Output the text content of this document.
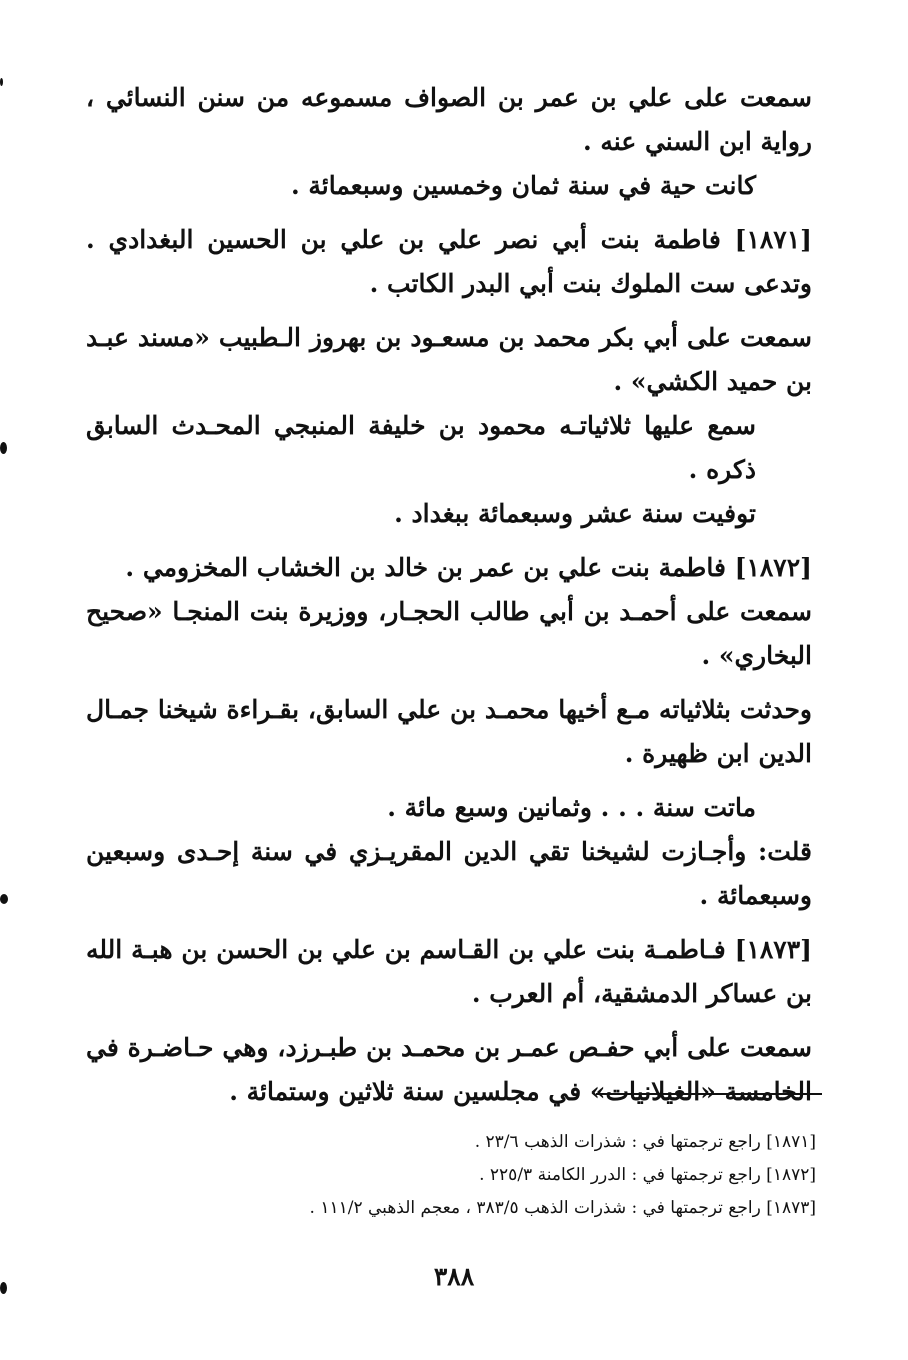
سمعت على علي بن عمر بن الصواف مسموعه من سنن النسائي ، رواية ابن السني عنه .
كانت حية في سنة ثمان وخمسين وسبعمائة .
[١٨٧١] فاطمة بنت أبي نصر علي بن علي بن الحسين البغدادي . وتدعى ست الملوك بنت أبي البدر الكاتب .
سمعت على أبي بكر محمد بن مسعـود بن بهروز الـطبيب «مسند عبـد بن حميد الكشي» .
سمع عليها ثلاثياتـه محمود بن خليفة المنبجي المحـدث السابق ذكره .
توفيت سنة عشر وسبعمائة ببغداد .
[١٨٧٢] فاطمة بنت علي بن عمر بن خالد بن الخشاب المخزومي .
سمعت على أحمـد بن أبي طالب الحجـار، ووزيرة بنت المنجـا «صحيح البخاري» .
وحدثت بثلاثياته مـع أخيها محمـد بن علي السابق، بقـراءة شيخنا جمـال الدين ابن ظهيرة .
ماتت سنة . . . وثمانين وسبع مائة .
قلت: وأجـازت لشيخنا تقي الدين المقريـزي في سنة إحـدى وسبعين وسبعمائة .
[١٨٧٣] فـاطمـة بنت علي بن القـاسم بن علي بن الحسن بن هبـة الله بن عساكر الدمشقية، أم العرب .
سمعت على أبي حفـص عمـر بن محمـد بن طبـرزد، وهي حـاضـرة في الخامسة «الغيلانيات» في مجلسين سنة ثلاثين وستمائة .
[١٨٧١] راجع ترجمتها في : شذرات الذهب ٢٣/٦ .
[١٨٧٢] راجع ترجمتها في : الدرر الكامنة ٢٢٥/٣ .
[١٨٧٣] راجع ترجمتها في : شذرات الذهب ٣٨٣/٥ ، معجم الذهبي ١١١/٢ .
٣٨٨
